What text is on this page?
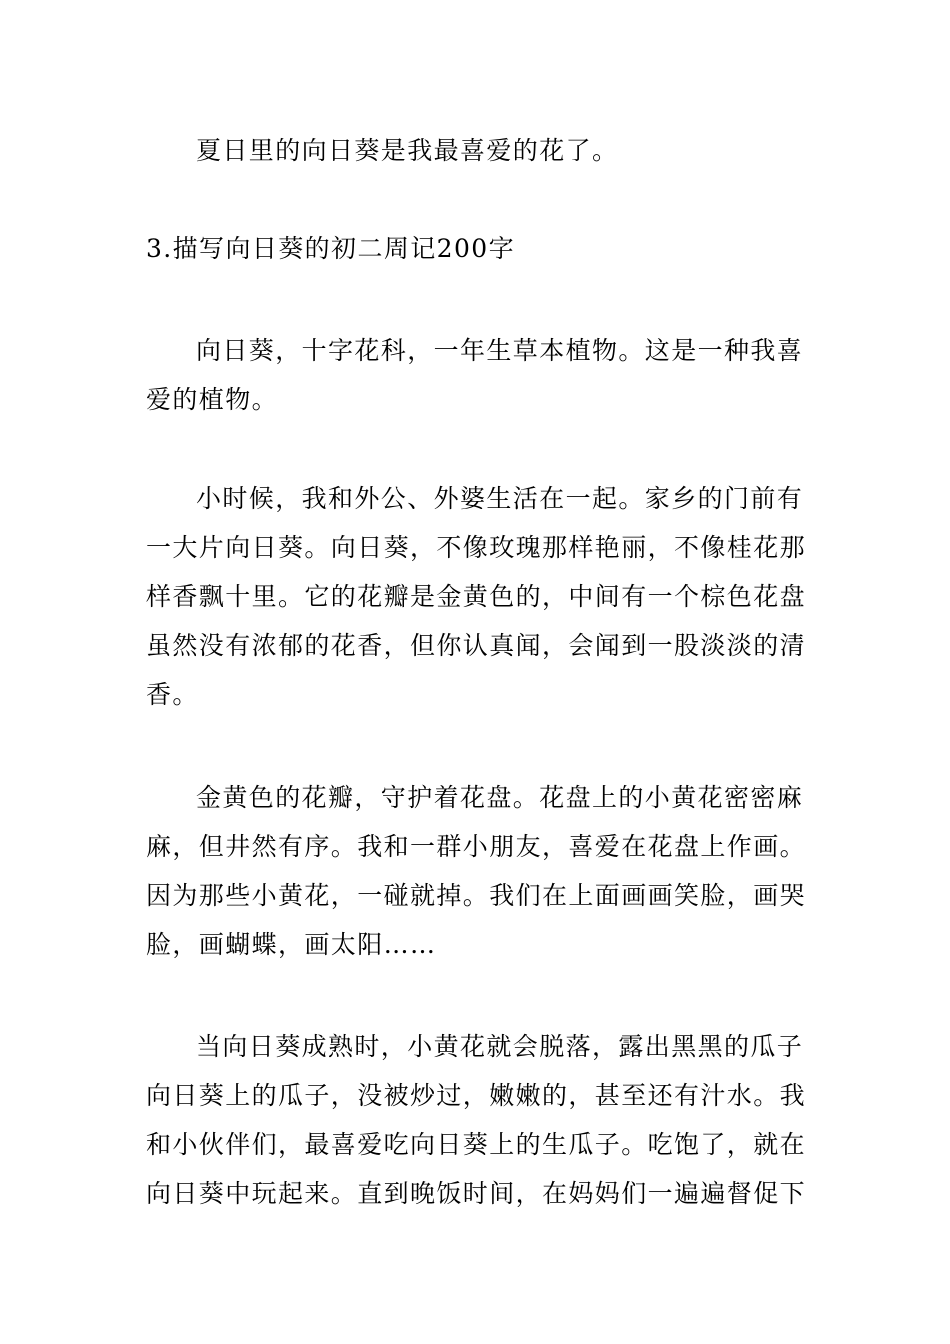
夏日里的向日葵是我最喜爱的花了。
3.描写向日葵的初二周记200字
向日葵，十字花科，一年生草本植物。这是一种我喜
爱的植物。
小时候，我和外公、外婆生活在一起。家乡的门前有
一大片向日葵。向日葵，不像玫瑰那样艳丽，不像桂花那
样香飘十里。它的花瓣是金黄色的，中间有一个棕色花盘
虽然没有浓郁的花香，但你认真闻，会闻到一股淡淡的清
香。
金黄色的花瓣，守护着花盘。花盘上的小黄花密密麻
麻，但井然有序。我和一群小朋友，喜爱在花盘上作画。
因为那些小黄花，一碰就掉。我们在上面画画笑脸，画哭
脸，画蝴蝶，画太阳……
当向日葵成熟时，小黄花就会脱落，露出黑黑的瓜子
向日葵上的瓜子，没被炒过，嫩嫩的，甚至还有汁水。我
和小伙伴们，最喜爱吃向日葵上的生瓜子。吃饱了，就在
向日葵中玩起来。直到晚饭时间，在妈妈们一遍遍督促下
